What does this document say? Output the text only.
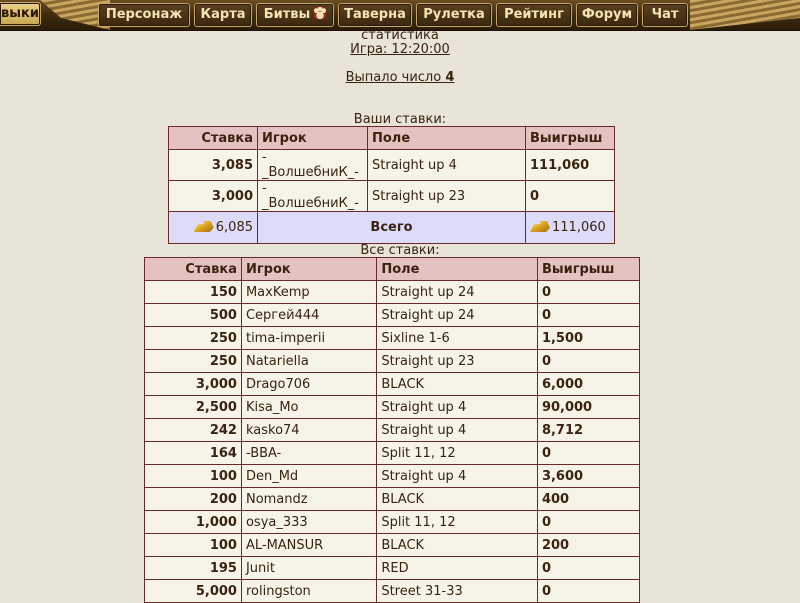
выки	Персонаж	Карта	Битвы	Таверна	Рулетка	Рейтинг	Форум	Чат
статистика
Игра: 12:20:00
Выпало число 4
Ваши ставки:
Ставка	Игрок	Поле	Выигрыш
3,085	-_ВолшебниК_-	Straight up 4	111,060
3,000	-_ВолшебниК_-	Straight up 23	0
6,085	Всего		111,060
Все ставки:
Ставка	Игрок	Поле	Выигрыш
150	MaxKemp	Straight up 24	0
500	Сергей444	Straight up 24	0
250	tima-imperii	Sixline 1-6	1,500
250	Natariella	Straight up 23	0
3,000	Drago706	BLACK	6,000
2,500	Kisa_Mo	Straight up 4	90,000
242	kasko74	Straight up 4	8,712
164	-BBA-	Split 11, 12	0
100	Den_Md	Straight up 4	3,600
200	Nomandz	BLACK	400
1,000	osya_333	Split 11, 12	0
100	AL-MANSUR	BLACK	200
195	Junit	RED	0
5,000	rolingston	Street 31-33	0
